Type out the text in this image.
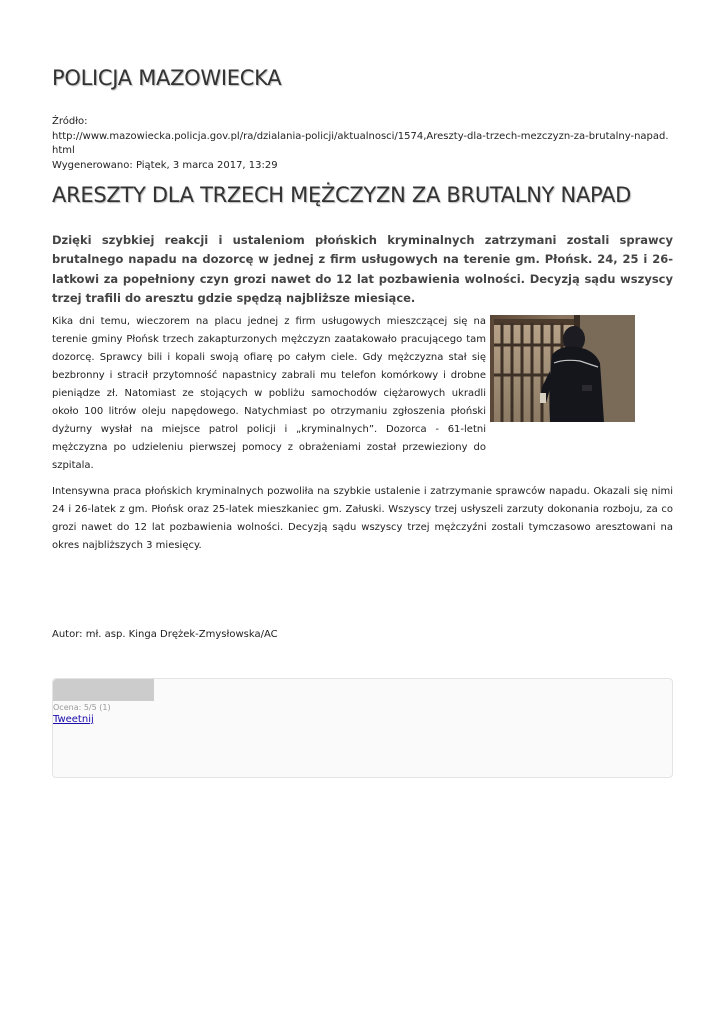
POLICJA MAZOWIECKA
Źródło:
http://www.mazowiecka.policja.gov.pl/ra/dzialania-policji/aktualnosci/1574,Areszty-dla-trzech-mezczyzn-za-brutalny-napad.html
Wygenerowano: Piątek, 3 marca 2017, 13:29
ARESZTY DLA TRZECH MĘŻCZYZN ZA BRUTALNY NAPAD

Dzięki szybkiej reakcji i ustaleniom płońskich kryminalnych zatrzymani zostali sprawcy brutalnego napadu na dozorcę w jednej z firm usługowych na terenie gm. Płońsk. 24, 25 i 26-latkowi za popełniony czyn grozi nawet do 12 lat pozbawienia wolności. Decyzją sądu wszyscy trzej trafili do aresztu gdzie spędzą najbliższe miesiące.

Kika dni temu, wieczorem na placu jednej z firm usługowych mieszczącej się na terenie gminy Płońsk trzech zakapturzonych mężczyzn zaatakowało pracującego tam dozorcę. Sprawcy bili i kopali swoją ofiarę po całym ciele. Gdy mężczyzna stał się bezbronny i stracił przytomność napastnicy zabrali mu telefon komórkowy i drobne pieniądze zł. Natomiast ze stojących w pobliżu samochodów ciężarowych ukradli około 100 litrów oleju napędowego. Natychmiast po otrzymaniu zgłoszenia płoński dyżurny wysłał na miejsce patrol policji i „kryminalnych”. Dozorca - 61-letni mężczyzna po udzieleniu pierwszej pomocy z obrażeniami został przewieziony do szpitala.

Intensywna praca płońskich kryminalnych pozwoliła na szybkie ustalenie i zatrzymanie sprawców napadu. Okazali się nimi 24 i 26-latek z gm. Płońsk oraz 25-latek mieszkaniec gm. Załuski. Wszyscy trzej usłyszeli zarzuty dokonania rozboju, za co grozi nawet do 12 lat pozbawienia wolności. Decyzją sądu wszyscy trzej mężczyźni zostali tymczasowo aresztowani na okres najbliższych 3 miesięcy.

Autor: mł. asp. Kinga Drężek-Zmysłowska/AC

Ocena: 5/5 (1)
Tweetnij
